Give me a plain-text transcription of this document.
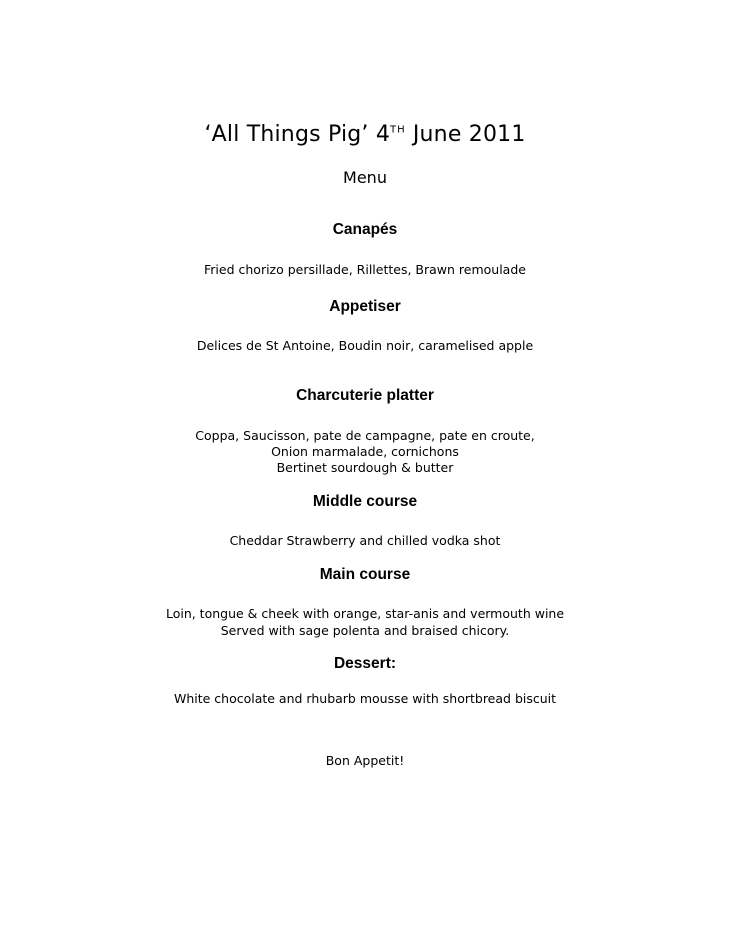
‘All Things Pig’ 4TH June 2011
Menu
Canapés
Fried chorizo persillade, Rillettes, Brawn remoulade
Appetiser
Delices de St Antoine, Boudin noir, caramelised apple
Charcuterie platter
Coppa, Saucisson, pate de campagne, pate en croute,
Onion marmalade, cornichons
Bertinet sourdough & butter
Middle course
Cheddar Strawberry and chilled vodka shot
Main course
Loin, tongue & cheek with orange, star-anis and vermouth wine
Served with sage polenta and braised chicory.
Dessert:
White chocolate and rhubarb mousse with shortbread biscuit
Bon Appetit!
